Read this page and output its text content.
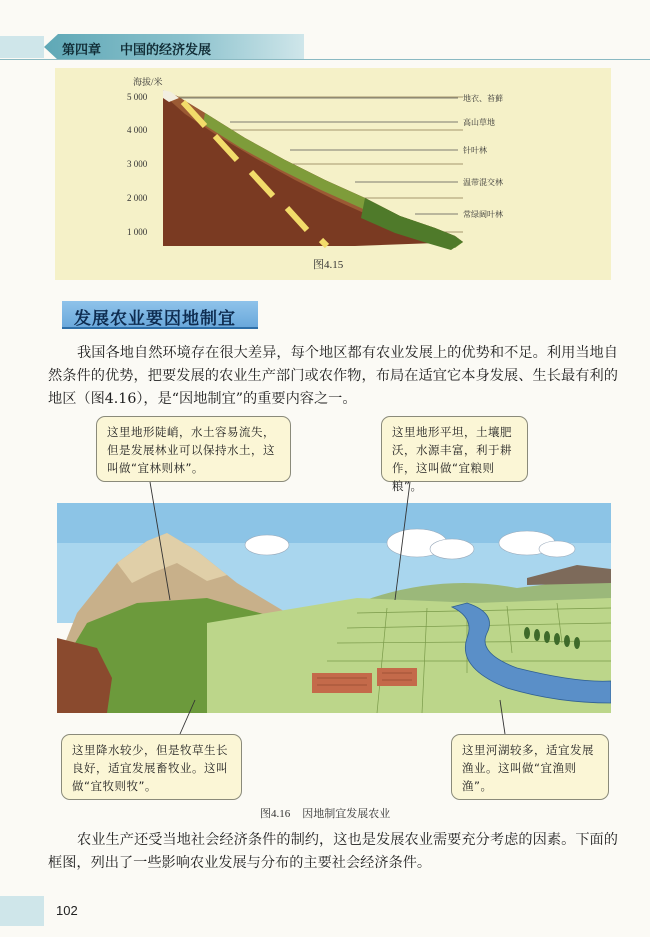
第四章 中国的经济发展
海拔/米
5 000
4 000
3 000
2 000
1 000
地衣、苔藓
高山草地
针叶林
温带混交林
常绿阔叶林
图4.15
发展农业要因地制宜

我国各地自然环境存在很大差异，每个地区都有农业发展上的优势和不足。利用当地自然条件的优势，把要发展的农业生产部门或农作物，布局在适宜它本身发展、生长最有利的地区（图4.16），是“因地制宜”的重要内容之一。

这里地形陡峭，水土容易流失，但是发展林业可以保持水土，这叫做“宜林则林”。
这里地形平坦，土壤肥沃，水源丰富，利于耕作，这叫做“宜粮则粮”。
这里降水较少，但是牧草生长良好，适宜发展畜牧业。这叫做“宜牧则牧”。
这里河湖较多，适宜发展渔业。这叫做“宜渔则渔”。
图4.16 因地制宜发展农业

农业生产还受当地社会经济条件的制约，这也是发展农业需要充分考虑的因素。下面的框图，列出了一些影响农业发展与分布的主要社会经济条件。

102
